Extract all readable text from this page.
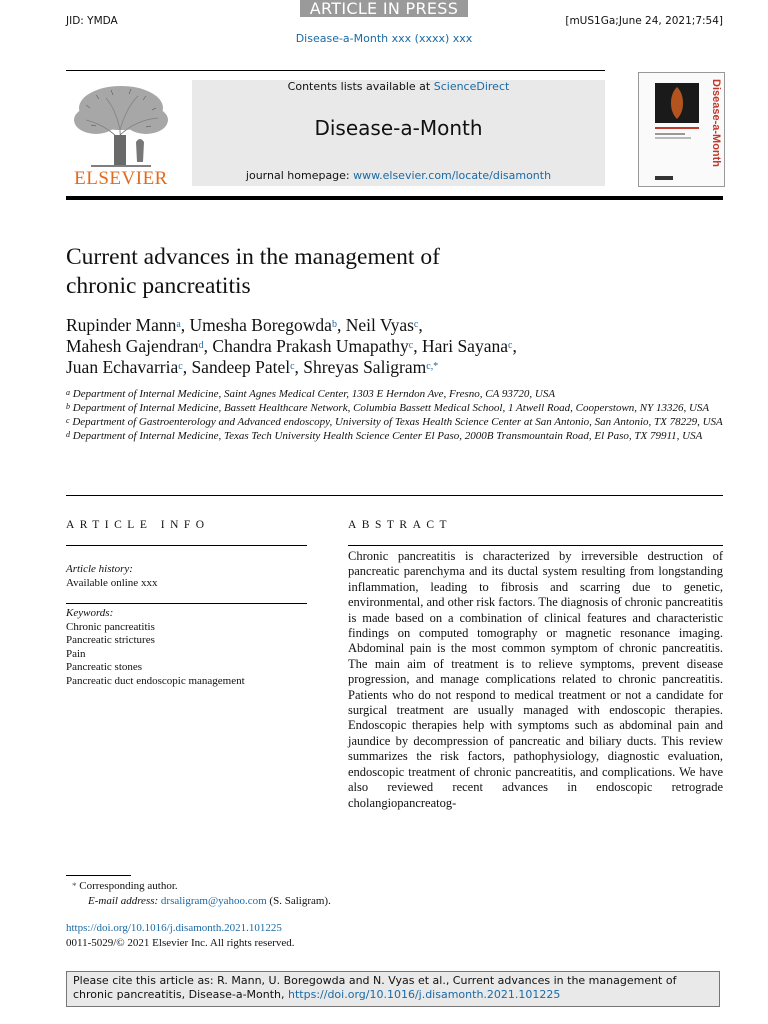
ARTICLE IN PRESS
JID: YMDA	[mUS1Ga;June 24, 2021;7:54]
Disease-a-Month xxx (xxxx) xxx
ELSEVIER
Contents lists available at ScienceDirect
Disease-a-Month
journal homepage: www.elsevier.com/locate/disamonth
Disease-a-Month
Current advances in the management of
chronic pancreatitis
Rupinder Mann$^a$, Umesha Boregowda$^b$, Neil Vyas$^c$,
Mahesh Gajendran$^d$, Chandra Prakash Umapathy$^c$, Hari Sayana$^c$,
Juan Echavarria$^c$, Sandeep Patel$^c$, Shreyas Saligram$^{c,*}$
$^a$ Department of Internal Medicine, Saint Agnes Medical Center, 1303 E Herndon Ave, Fresno, CA 93720, USA
$^b$ Department of Internal Medicine, Bassett Healthcare Network, Columbia Bassett Medical School, 1 Atwell Road, Cooperstown, NY 13326, USA
$^c$ Department of Gastroenterology and Advanced endoscopy, University of Texas Health Science Center at San Antonio, San Antonio, TX 78229, USA
$^d$ Department of Internal Medicine, Texas Tech University Health Science Center El Paso, 2000B Transmountain Road, El Paso, TX 79911, USA
ARTICLE INFO
Article history:
Available online xxx
Keywords:
Chronic pancreatitis
Pancreatic strictures
Pain
Pancreatic stones
Pancreatic duct endoscopic management
ABSTRACT
Chronic pancreatitis is characterized by irreversible destruction of pancreatic parenchyma and its ductal system resulting from longstanding inflammation, leading to fibrosis and scarring due to genetic, environmental, and other risk factors. The diagnosis of chronic pancreatitis is made based on a combination of clinical features and characteristic findings on computed tomography or magnetic resonance imaging. Abdominal pain is the most common symptom of chronic pancreatitis. The main aim of treatment is to relieve symptoms, prevent disease progression, and manage complications related to chronic pancreatitis. Patients who do not respond to medical treatment or not a candidate for surgical treatment are usually managed with endoscopic therapies. Endoscopic therapies help with symptoms such as abdominal pain and jaundice by decompression of pancreatic and biliary ducts. This review summarizes the risk factors, pathophysiology, diagnostic evaluation, endoscopic treatment of chronic pancreatitis, and complications. We have also reviewed recent advances in endoscopic retrograde cholangiopancreatog-
* Corresponding author.
E-mail address: drsaligram@yahoo.com (S. Saligram).
https://doi.org/10.1016/j.disamonth.2021.101225
0011-5029/© 2021 Elsevier Inc. All rights reserved.
Please cite this article as: R. Mann, U. Boregowda and N. Vyas et al., Current advances in the management of chronic pancreatitis, Disease-a-Month, https://doi.org/10.1016/j.disamonth.2021.101225
